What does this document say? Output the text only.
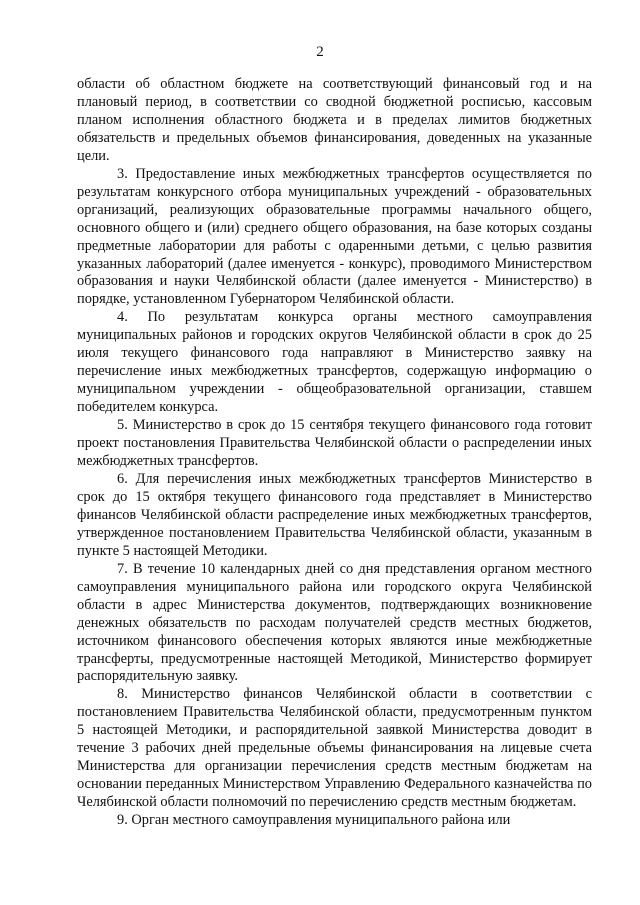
2

области об областном бюджете на соответствующий финансовый год и на плановый период, в соответствии со сводной бюджетной росписью, кассовым планом исполнения областного бюджета и в пределах лимитов бюджетных обязательств и предельных объемов финансирования, доведенных на указанные цели.

3. Предоставление иных межбюджетных трансфертов осуществляется по результатам конкурсного отбора муниципальных учреждений - образовательных организаций, реализующих образовательные программы начального общего, основного общего и (или) среднего общего образования, на базе которых созданы предметные лаборатории для работы с одаренными детьми, с целью развития указанных лабораторий (далее именуется - конкурс), проводимого Министерством образования и науки Челябинской области (далее именуется - Министерство) в порядке, установленном Губернатором Челябинской области.

4. По результатам конкурса органы местного самоуправления муниципальных районов и городских округов Челябинской области в срок до 25 июля текущего финансового года направляют в Министерство заявку на перечисление иных межбюджетных трансфертов, содержащую информацию о муниципальном учреждении - общеобразовательной организации, ставшем победителем конкурса.

5. Министерство в срок до 15 сентября текущего финансового года готовит проект постановления Правительства Челябинской области о распределении иных межбюджетных трансфертов.

6. Для перечисления иных межбюджетных трансфертов Министерство в срок до 15 октября текущего финансового года представляет в Министерство финансов Челябинской области распределение иных межбюджетных трансфертов, утвержденное постановлением Правительства Челябинской области, указанным в пункте 5 настоящей Методики.

7. В течение 10 календарных дней со дня представления органом местного самоуправления муниципального района или городского округа Челябинской области в адрес Министерства документов, подтверждающих возникновение денежных обязательств по расходам получателей средств местных бюджетов, источником финансового обеспечения которых являются иные межбюджетные трансферты, предусмотренные настоящей Методикой, Министерство формирует распорядительную заявку.

8. Министерство финансов Челябинской области в соответствии с постановлением Правительства Челябинской области, предусмотренным пунктом 5 настоящей Методики, и распорядительной заявкой Министерства доводит в течение 3 рабочих дней предельные объемы финансирования на лицевые счета Министерства для организации перечисления средств местным бюджетам на основании переданных Министерством Управлению Федерального казначейства по Челябинской области полномочий по перечислению средств местным бюджетам.

9. Орган местного самоуправления муниципального района или
